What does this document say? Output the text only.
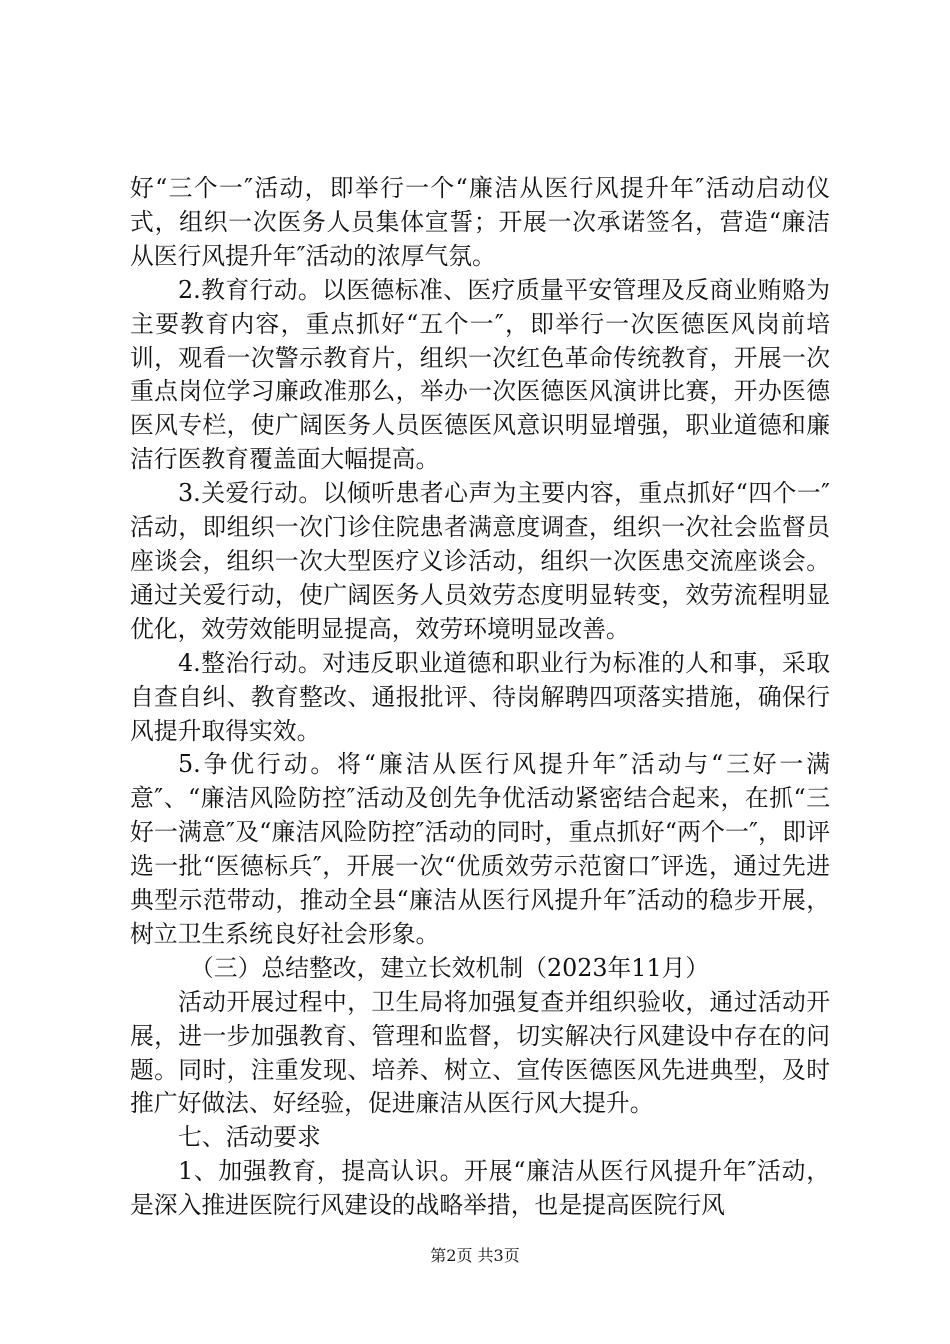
好“三个一″活动，即举行一个“廉洁从医行风提升年″活动启动仪式，组织一次医务人员集体宣誓；开展一次承诺签名，营造“廉洁从医行风提升年″活动的浓厚气氛。

2.教育行动。以医德标准、医疗质量平安管理及反商业贿赂为主要教育内容，重点抓好“五个一″，即举行一次医德医风岗前培训，观看一次警示教育片，组织一次红色革命传统教育，开展一次重点岗位学习廉政准那么，举办一次医德医风演讲比赛，开办医德医风专栏，使广阔医务人员医德医风意识明显增强，职业道德和廉洁行医教育覆盖面大幅提高。

3.关爱行动。以倾听患者心声为主要内容，重点抓好“四个一″活动，即组织一次门诊住院患者满意度调查，组织一次社会监督员座谈会，组织一次大型医疗义诊活动，组织一次医患交流座谈会。通过关爱行动，使广阔医务人员效劳态度明显转变，效劳流程明显优化，效劳效能明显提高，效劳环境明显改善。

4.整治行动。对违反职业道德和职业行为标准的人和事，采取自查自纠、教育整改、通报批评、待岗解聘四项落实措施，确保行风提升取得实效。

5.争优行动。将“廉洁从医行风提升年″活动与“三好一满意″、“廉洁风险防控″活动及创先争优活动紧密结合起来，在抓“三好一满意″及“廉洁风险防控″活动的同时，重点抓好“两个一″，即评选一批“医德标兵″，开展一次“优质效劳示范窗口″评选，通过先进典型示范带动，推动全县“廉洁从医行风提升年″活动的稳步开展，树立卫生系统良好社会形象。

（三）总结整改，建立长效机制（2023年11月）

活动开展过程中，卫生局将加强复查并组织验收，通过活动开展，进一步加强教育、管理和监督，切实解决行风建设中存在的问题。同时，注重发现、培养、树立、宣传医德医风先进典型，及时推广好做法、好经验，促进廉洁从医行风大提升。

七、活动要求

1、加强教育，提高认识。开展“廉洁从医行风提升年″活动，是深入推进医院行风建设的战略举措，也是提高医院行风

第2页 共3页
